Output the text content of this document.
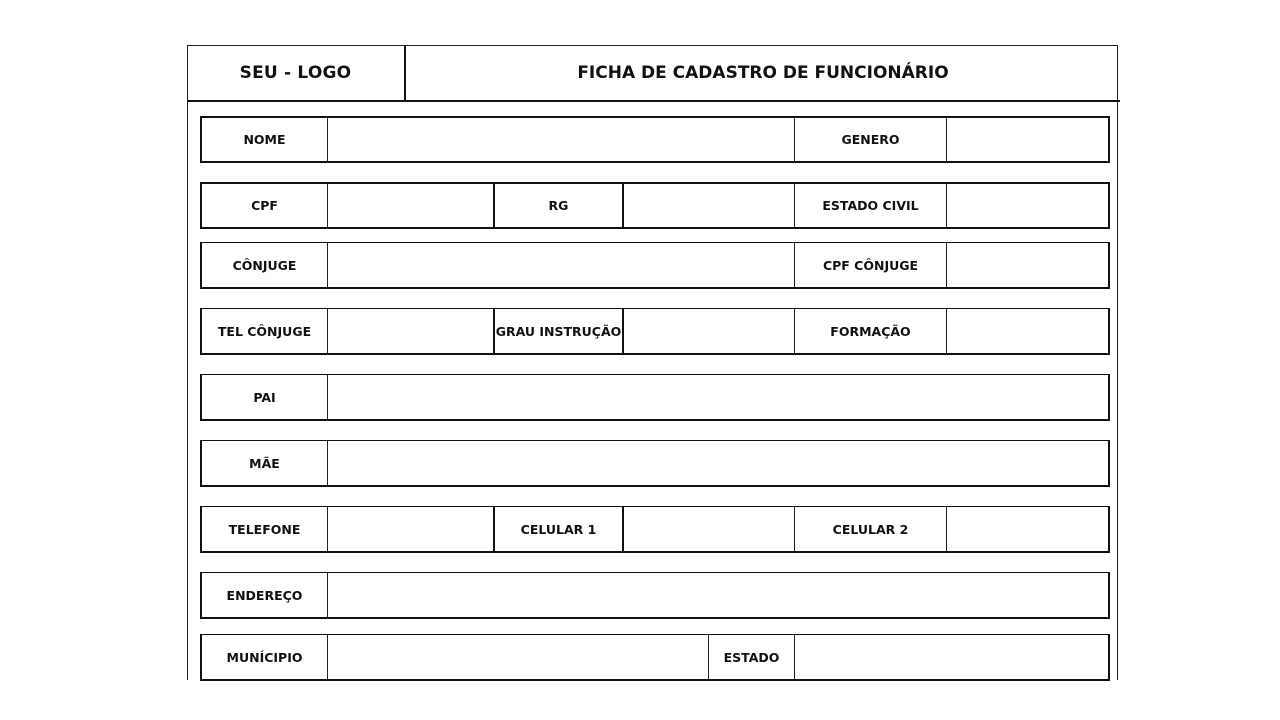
SEU - LOGO	FICHA DE CADASTRO DE FUNCIONÁRIO
NOME	GENERO
CPF	RG	ESTADO CIVIL
CÔNJUGE	CPF CÔNJUGE
TEL CÔNJUGE	GRAU INSTRUÇÃO	FORMAÇÃO
PAI
MÃE
TELEFONE	CELULAR 1	CELULAR 2
ENDEREÇO
MUNÍCIPIO	ESTADO
